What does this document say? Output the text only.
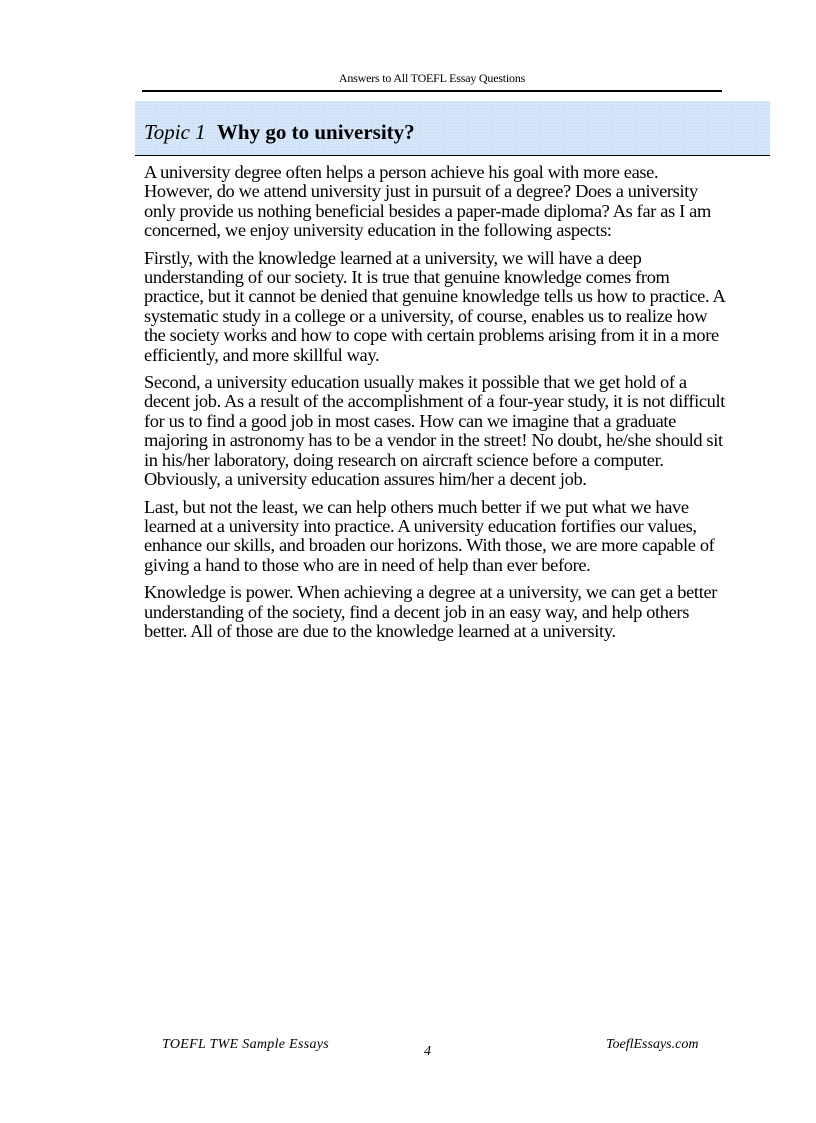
Answers to All TOEFL Essay Questions
Topic 1 Why go to university?

A university degree often helps a person achieve his goal with more ease. However, do we attend university just in pursuit of a degree? Does a university only provide us nothing beneficial besides a paper-made diploma? As far as I am concerned, we enjoy university education in the following aspects:

Firstly, with the knowledge learned at a university, we will have a deep understanding of our society. It is true that genuine knowledge comes from practice, but it cannot be denied that genuine knowledge tells us how to practice. A systematic study in a college or a university, of course, enables us to realize how the society works and how to cope with certain problems arising from it in a more efficiently, and more skillful way.

Second, a university education usually makes it possible that we get hold of a decent job. As a result of the accomplishment of a four-year study, it is not difficult for us to find a good job in most cases. How can we imagine that a graduate majoring in astronomy has to be a vendor in the street! No doubt, he/she should sit in his/her laboratory, doing research on aircraft science before a computer. Obviously, a university education assures him/her a decent job.

Last, but not the least, we can help others much better if we put what we have learned at a university into practice. A university education fortifies our values, enhance our skills, and broaden our horizons. With those, we are more capable of giving a hand to those who are in need of help than ever before.

Knowledge is power. When achieving a degree at a university, we can get a better understanding of the society, find a decent job in an easy way, and help others better. All of those are due to the knowledge learned at a university.

TOEFL TWE Sample Essays	4	ToeflEssays.com
